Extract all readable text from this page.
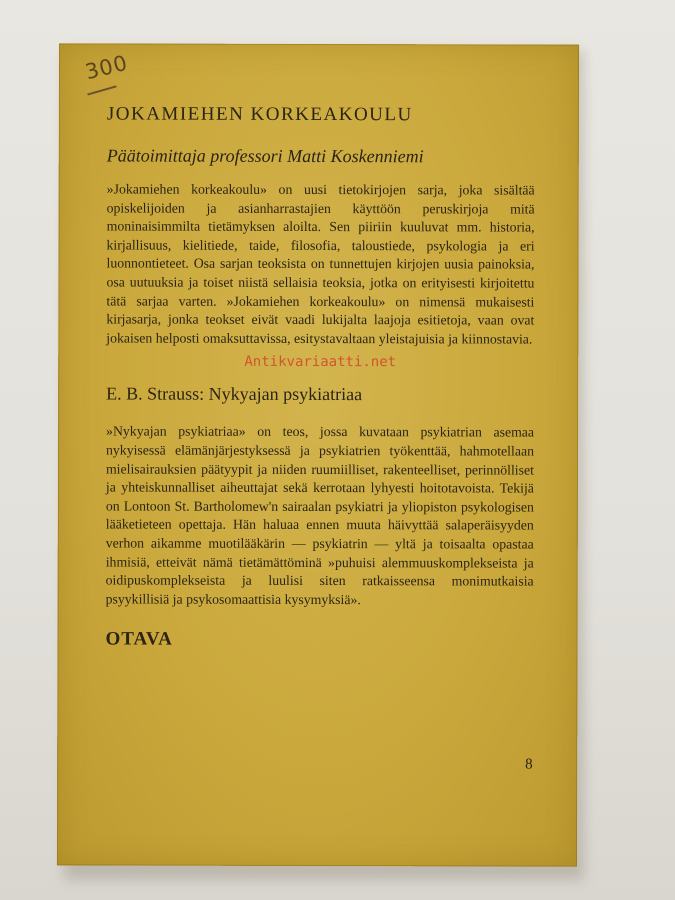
300
JOKAMIEHEN KORKEAKOULU

Päätoimittaja professori Matti Koskenniemi

»Jokamiehen korkeakoulu» on uusi tietokirjojen sarja, joka sisältää opiskelijoiden ja asianharrastajien käyttöön peruskirjoja mitä moninaisimmilta tietämyksen aloilta. Sen piiriin kuuluvat mm. historia, kirjallisuus, kielitiede, taide, filosofia, taloustiede, psykologia ja eri luonnontieteet. Osa sarjan teoksista on tunnettujen kirjojen uusia painoksia, osa uutuuksia ja toiset niistä sellaisia teoksia, jotka on erityisesti kirjoitettu tätä sarjaa varten. »Jokamiehen korkeakoulu» on nimensä mukaisesti kirjasarja, jonka teokset eivät vaadi lukijalta laajoja esitietoja, vaan ovat jokaisen helposti omaksuttavissa, esitystavaltaan yleistajuisia ja kiinnostavia.

Antikvariaatti.net
E. B. Strauss: Nykyajan psykiatriaa

»Nykyajan psykiatriaa» on teos, jossa kuvataan psykiatrian asemaa nykyisessä elämänjärjestyksessä ja psykiatrien työkenttää, hahmotellaan mielisairauksien päätyypit ja niiden ruumiilliset, rakenteelliset, perinnölliset ja yhteiskunnalliset aiheuttajat sekä kerrotaan lyhyesti hoitotavoista. Tekijä on Lontoon St. Bartholomew'n sairaalan psykiatri ja yliopiston psykologisen lääketieteen opettaja. Hän haluaa ennen muuta häivyttää salaperäisyyden verhon aikamme muotilääkärin — psykiatrin — yltä ja toisaalta opastaa ihmisiä, etteivät nämä tietämättöminä »puhuisi alemmuuskomplekseista ja oidipuskomplekseista ja luulisi siten ratkaisseensa monimutkaisia psyykillisiä ja psykosomaattisia kysymyksiä».

OTAVA
8
